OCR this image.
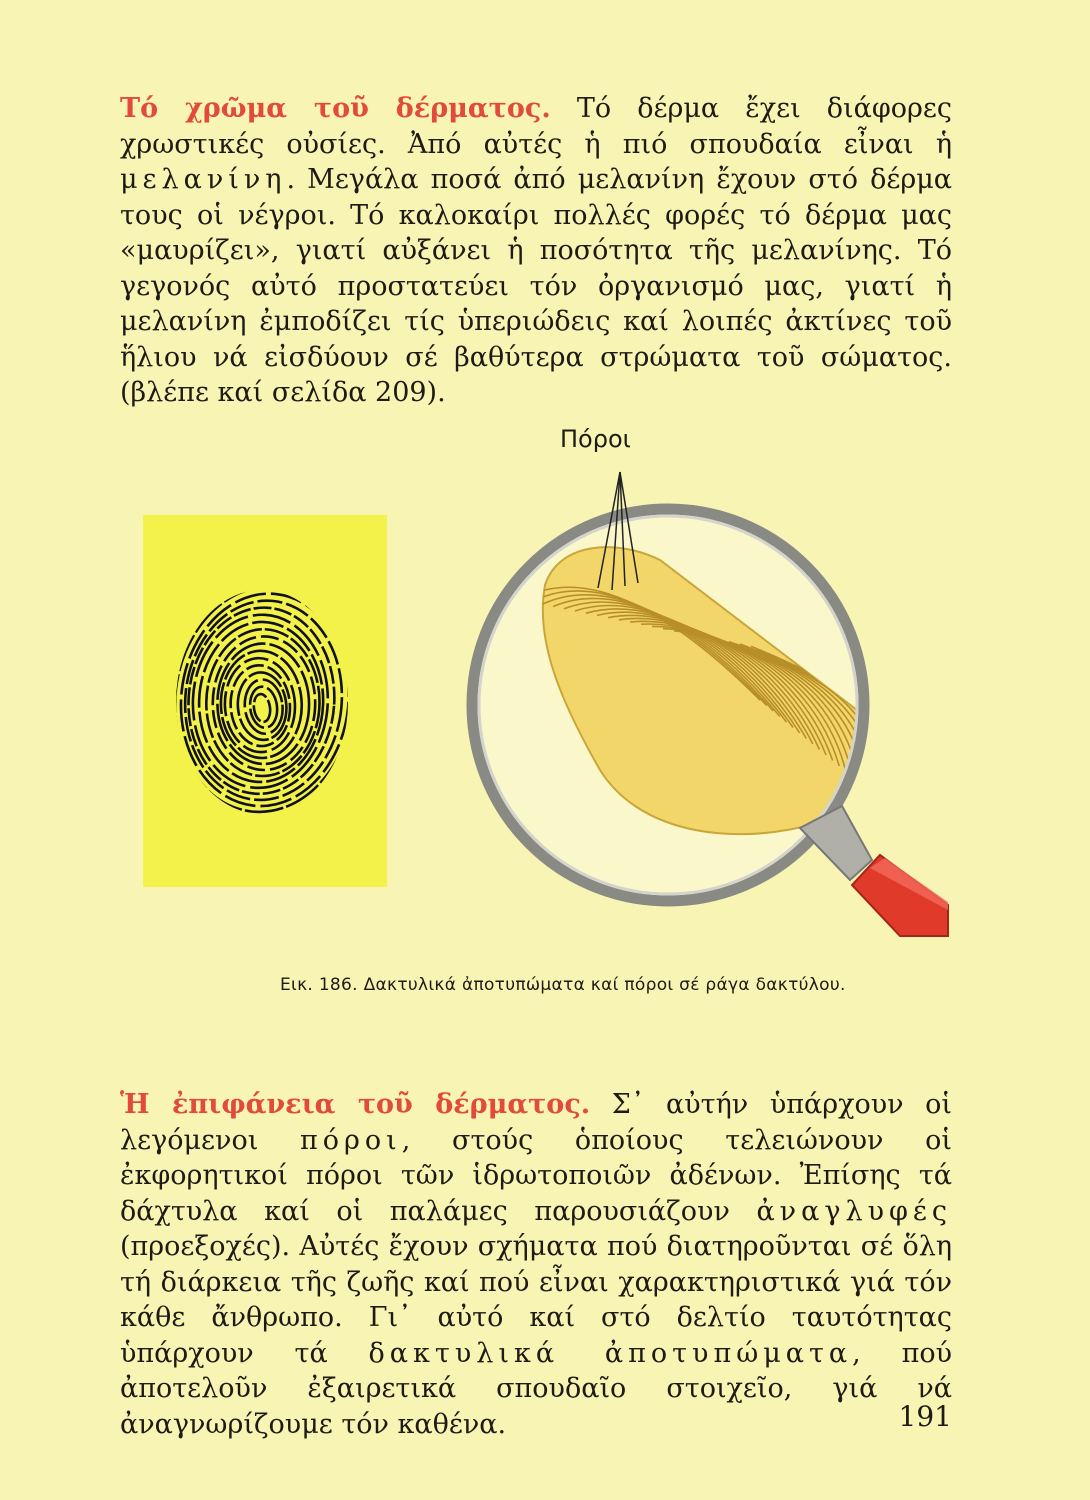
Τό χρῶμα τοῦ δέρματος. Τό δέρμα ἔχει διάφορες χρωστικές οὐσίες. Ἀπό αὐτές ἡ πιό σπουδαία εἶναι ἡ μελανίνη. Μεγάλα ποσά ἀπό μελανίνη ἔχουν στό δέρμα τους οἱ νέγροι. Τό καλοκαίρι πολλές φορές τό δέρμα μας «μαυρίζει», γιατί αὐξάνει ἡ ποσότητα τῆς μελανίνης. Τό γεγονός αὐτό προστατεύει τόν ὀργανισμό μας, γιατί ἡ μελανίνη ἐμποδίζει τίς ὑπεριώδεις καί λοιπές ἀκτίνες τοῦ ἥλιου νά εἰσδύουν σέ βαθύτερα στρώματα τοῦ σώματος. (βλέπε καί σελίδα 209).

Πόροι

Εικ. 186. Δακτυλικά ἀποτυπώματα καί πόροι σέ ράγα δακτύλου.

Ἡ ἐπιφάνεια τοῦ δέρματος. Σ᾽ αὐτήν ὑπάρχουν οἱ λεγόμενοι πόροι, στούς ὁποίους τελειώνουν οἱ ἐκφορητικοί πόροι τῶν ἱδρωτοποιῶν ἀδένων. Ἐπίσης τά δάχτυλα καί οἱ παλάμες παρουσιάζουν ἀναγλυφές (προεξοχές). Αὐτές ἔχουν σχήματα πού διατηροῦνται σέ ὅλη τή διάρκεια τῆς ζωῆς καί πού εἶναι χαρακτηριστικά γιά τόν κάθε ἄνθρωπο. Γι᾽ αὐτό καί στό δελτίο ταυτότητας ὑπάρχουν τά δακτυλικά ἀποτυπώματα, πού ἀποτελοῦν ἐξαιρετικά σπουδαῖο στοιχεῖο, γιά νά ἀναγνωρίζουμε τόν καθένα.	191
